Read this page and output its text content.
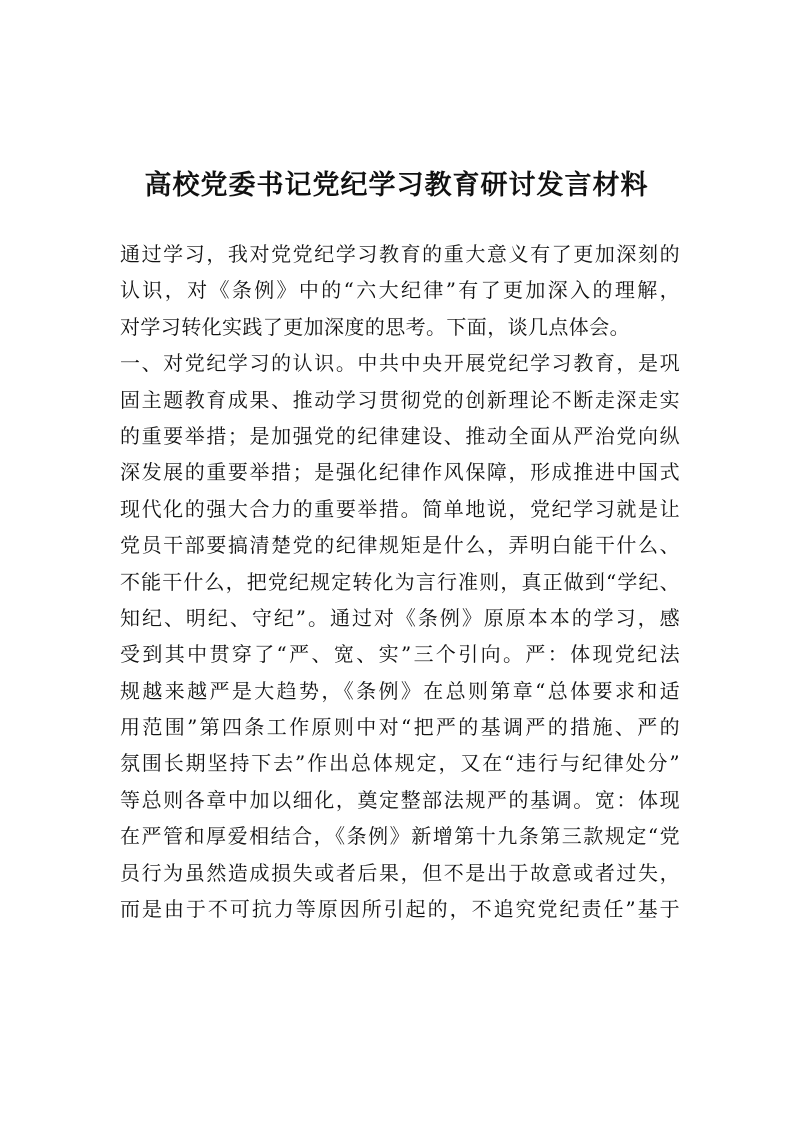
高校党委书记党纪学习教育研讨发言材料
通过学习，我对党党纪学习教育的重大意义有了更加深刻的
认识，对《条例》中的“六大纪律”有了更加深入的理解，
对学习转化实践了更加深度的思考。下面，谈几点体会。
一、对党纪学习的认识。中共中央开展党纪学习教育，是巩
固主题教育成果、推动学习贯彻党的创新理论不断走深走实
的重要举措；是加强党的纪律建设、推动全面从严治党向纵
深发展的重要举措；是强化纪律作风保障，形成推进中国式
现代化的强大合力的重要举措。简单地说，党纪学习就是让
党员干部要搞清楚党的纪律规矩是什么，弄明白能干什么、
不能干什么，把党纪规定转化为言行准则，真正做到“学纪、
知纪、明纪、守纪”。通过对《条例》原原本本的学习，感
受到其中贯穿了“严、宽、实”三个引向。严：体现党纪法
规越来越严是大趋势，《条例》在总则第章“总体要求和适
用范围”第四条工作原则中对“把严的基调严的措施、严的
氛围长期坚持下去”作出总体规定，又在“违行与纪律处分”
等总则各章中加以细化，奠定整部法规严的基调。宽：体现
在严管和厚爱相结合，《条例》新增第十九条第三款规定“党
员行为虽然造成损失或者后果，但不是出于故意或者过失，
而是由于不可抗力等原因所引起的，不追究党纪责任”基于
